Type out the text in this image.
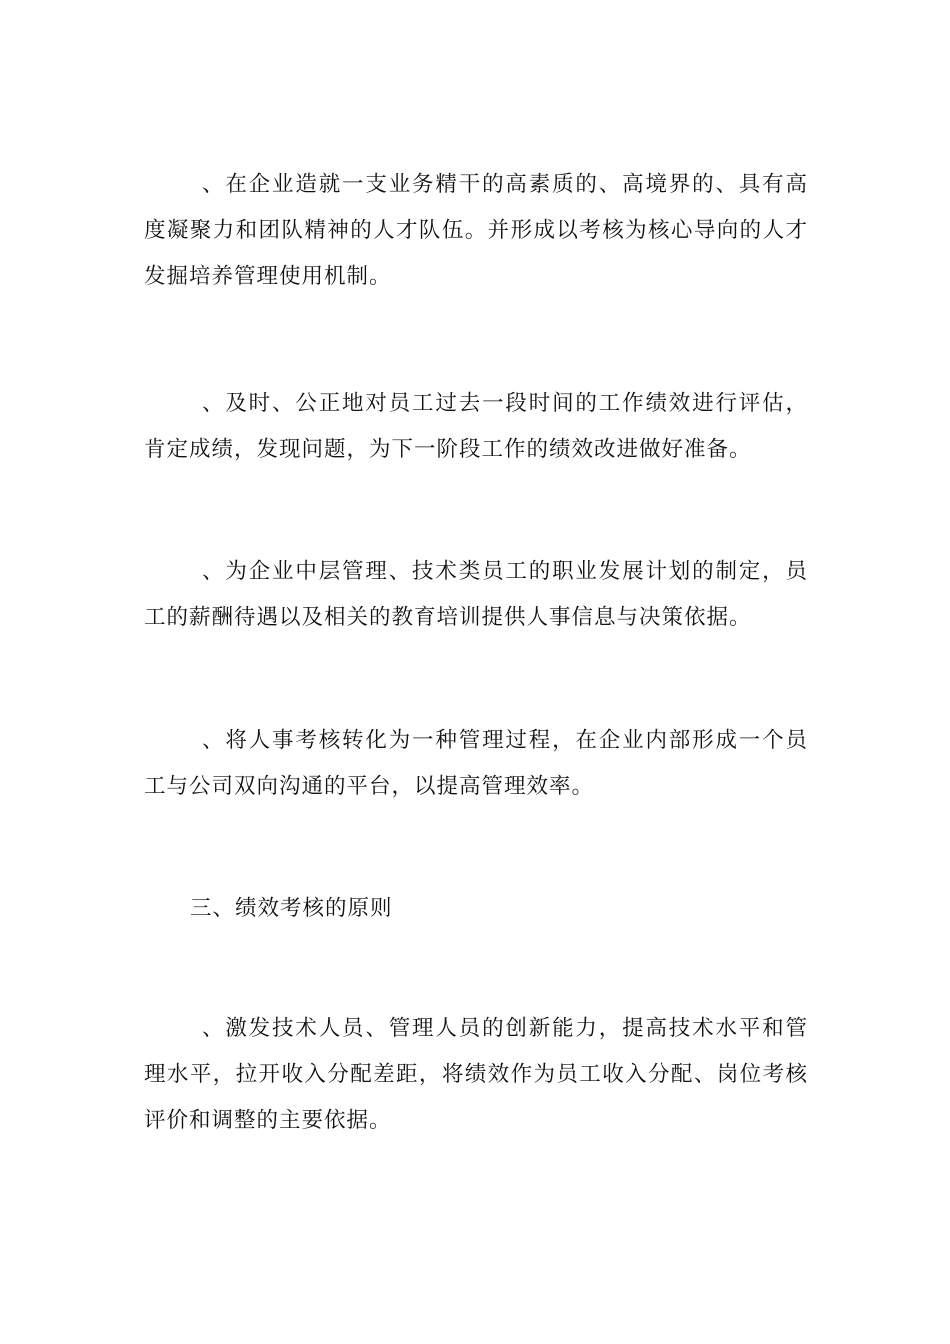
、在企业造就一支业务精干的高素质的、高境界的、具有高度凝聚力和团队精神的人才队伍。并形成以考核为核心导向的人才发掘培养管理使用机制。

、及时、公正地对员工过去一段时间的工作绩效进行评估，肯定成绩，发现问题，为下一阶段工作的绩效改进做好准备。

、为企业中层管理、技术类员工的职业发展计划的制定，员工的薪酬待遇以及相关的教育培训提供人事信息与决策依据。

、将人事考核转化为一种管理过程，在企业内部形成一个员工与公司双向沟通的平台，以提高管理效率。

三、绩效考核的原则

、激发技术人员、管理人员的创新能力，提高技术水平和管理水平，拉开收入分配差距，将绩效作为员工收入分配、岗位考核评价和调整的主要依据。
